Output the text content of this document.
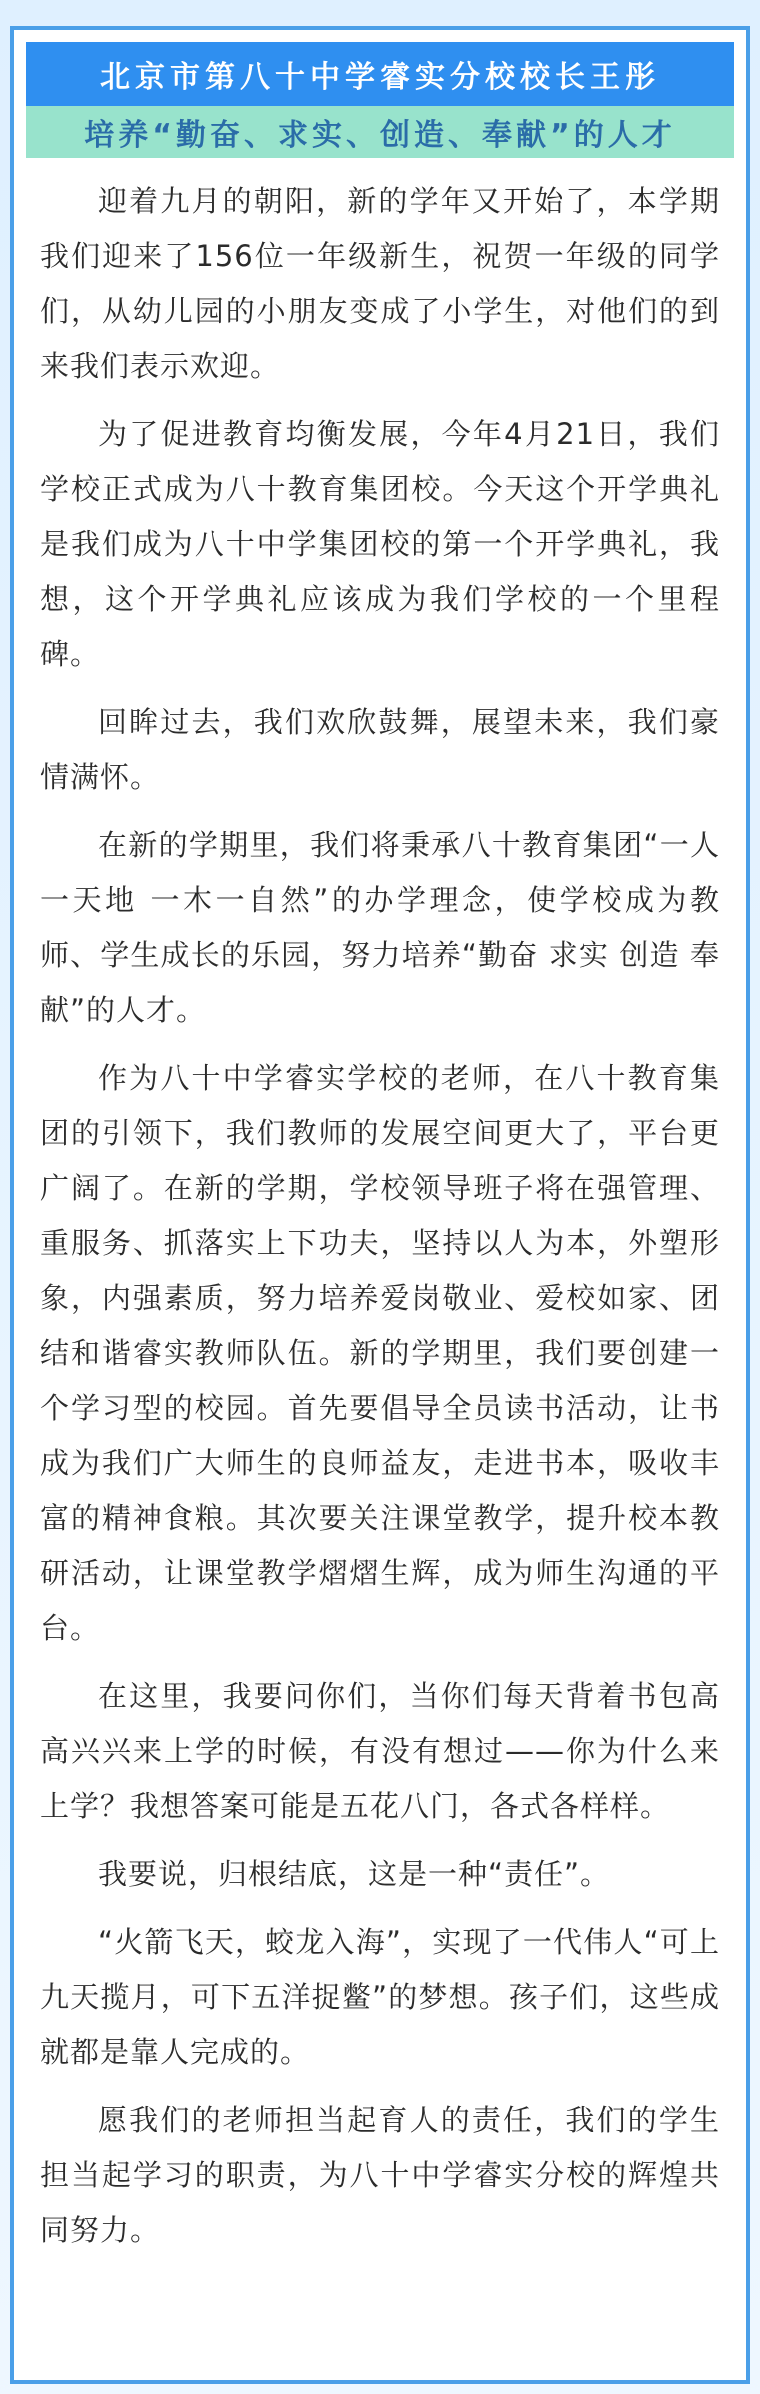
北京市第八十中学睿实分校校长王彤
培养“勤奋、求实、创造、奉献”的人才

迎着九月的朝阳，新的学年又开始了，本学期我们迎来了156位一年级新生，祝贺一年级的同学们，从幼儿园的小朋友变成了小学生，对他们的到来我们表示欢迎。

为了促进教育均衡发展，今年4月21日，我们学校正式成为八十教育集团校。今天这个开学典礼是我们成为八十中学集团校的第一个开学典礼，我想，这个开学典礼应该成为我们学校的一个里程碑。

回眸过去，我们欢欣鼓舞，展望未来，我们豪情满怀。

在新的学期里，我们将秉承八十教育集团“一人一天地 一木一自然”的办学理念，使学校成为教师、学生成长的乐园，努力培养“勤奋 求实 创造 奉献”的人才。

作为八十中学睿实学校的老师，在八十教育集团的引领下，我们教师的发展空间更大了，平台更广阔了。在新的学期，学校领导班子将在强管理、重服务、抓落实上下功夫，坚持以人为本，外塑形象，内强素质，努力培养爱岗敬业、爱校如家、团结和谐睿实教师队伍。新的学期里，我们要创建一个学习型的校园。首先要倡导全员读书活动，让书成为我们广大师生的良师益友，走进书本，吸收丰富的精神食粮。其次要关注课堂教学，提升校本教研活动，让课堂教学熠熠生辉，成为师生沟通的平台。

在这里，我要问你们，当你们每天背着书包高高兴兴来上学的时候，有没有想过——你为什么来上学？我想答案可能是五花八门，各式各样样。

我要说，归根结底，这是一种“责任”。

“火箭飞天，蛟龙入海”，实现了一代伟人“可上九天揽月，可下五洋捉鳖”的梦想。孩子们，这些成就都是靠人完成的。

愿我们的老师担当起育人的责任，我们的学生担当起学习的职责，为八十中学睿实分校的辉煌共同努力。
